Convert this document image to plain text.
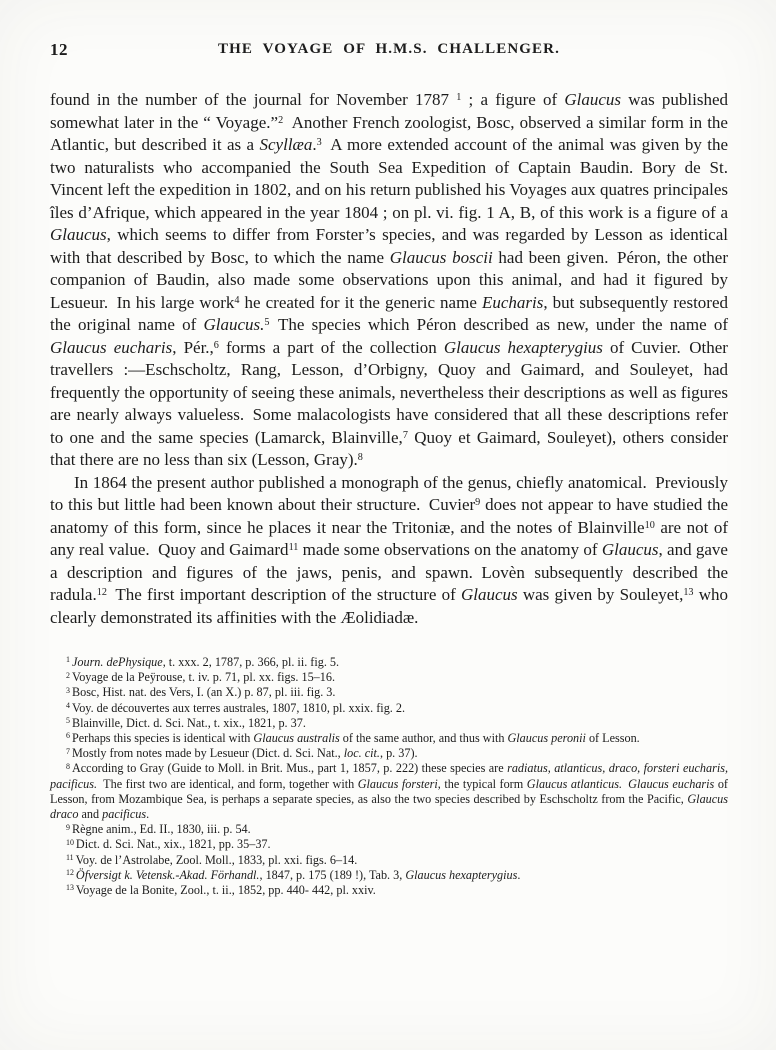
12	THE VOYAGE OF H.M.S. CHALLENGER.

found in the number of the journal for November 1787 $^1$ ; a figure of Glaucus was published somewhat later in the “ Voyage.”$^2$ Another French zoologist, Bosc, observed a similar form in the Atlantic, but described it as a Scyllæa.$^3$ A more extended account of the animal was given by the two naturalists who accompanied the South Sea Expedition of Captain Baudin. Bory de St. Vincent left the expedition in 1802, and on his return published his Voyages aux quatres principales îles d’Afrique, which appeared in the year 1804 ; on pl. vi. fig. 1 A, B, of this work is a figure of a Glaucus, which seems to differ from Forster’s species, and was regarded by Lesson as identical with that described by Bosc, to which the name Glaucus boscii had been given. Péron, the other companion of Baudin, also made some observations upon this animal, and had it figured by Lesueur. In his large work$^4$ he created for it the generic name Eucharis, but subsequently restored the original name of Glaucus.$^5$ The species which Péron described as new, under the name of Glaucus eucharis, Pér.,$^6$ forms a part of the collection Glaucus hexapterygius of Cuvier. Other travellers :—Eschscholtz, Rang, Lesson, d’Orbigny, Quoy and Gaimard, and Souleyet, had frequently the opportunity of seeing these animals, nevertheless their descriptions as well as figures are nearly always valueless. Some malacologists have considered that all these descriptions refer to one and the same species (Lamarck, Blainville,$^7$ Quoy et Gaimard, Souleyet), others consider that there are no less than six (Lesson, Gray).$^8$

In 1864 the present author published a monograph of the genus, chiefly anatomical. Previously to this but little had been known about their structure. Cuvier$^9$ does not appear to have studied the anatomy of this form, since he places it near the Tritoniæ, and the notes of Blainville$^{10}$ are not of any real value. Quoy and Gaimard$^{11}$ made some observations on the anatomy of Glaucus, and gave a description and figures of the jaws, penis, and spawn. Lovèn subsequently described the radula.$^{12}$ The first important description of the structure of Glaucus was given by Souleyet,$^{13}$ who clearly demonstrated its affinities with the Æolidiadæ.

$^1$ Journ. dePhysique, t. xxx. 2, 1787, p. 366, pl. ii. fig. 5.

$^2$ Voyage de la Peÿrouse, t. iv. p. 71, pl. xx. figs. 15–16.

$^3$ Bosc, Hist. nat. des Vers, I. (an X.) p. 87, pl. iii. fig. 3.

$^4$ Voy. de découvertes aux terres australes, 1807, 1810, pl. xxix. fig. 2.

$^5$ Blainville, Dict. d. Sci. Nat., t. xix., 1821, p. 37.

$^6$ Perhaps this species is identical with Glaucus australis of the same author, and thus with Glaucus peronii of Lesson.

$^7$ Mostly from notes made by Lesueur (Dict. d. Sci. Nat., loc. cit., p. 37).

$^8$ According to Gray (Guide to Moll. in Brit. Mus., part 1, 1857, p. 222) these species are radiatus, atlanticus, draco, forsteri eucharis, pacificus. The first two are identical, and form, together with Glaucus forsteri, the typical form Glaucus atlanticus.  Glaucus eucharis of Lesson, from Mozambique Sea, is perhaps a separate species, as also the two species described by Eschscholtz from the Pacific, Glaucus draco and pacificus.

$^9$ Règne anim., Ed. II., 1830, iii. p. 54.

$^{10}$ Dict. d. Sci. Nat., xix., 1821, pp. 35–37.

$^{11}$ Voy. de l’Astrolabe, Zool. Moll., 1833, pl. xxi. figs. 6–14.

$^{12}$ Öfversigt k. Vetensk.-Akad. Förhandl., 1847, p. 175 (189 !), Tab. 3, Glaucus hexapterygius.

$^{13}$ Voyage de la Bonite, Zool., t. ii., 1852, pp. 440- 442, pl. xxiv.
